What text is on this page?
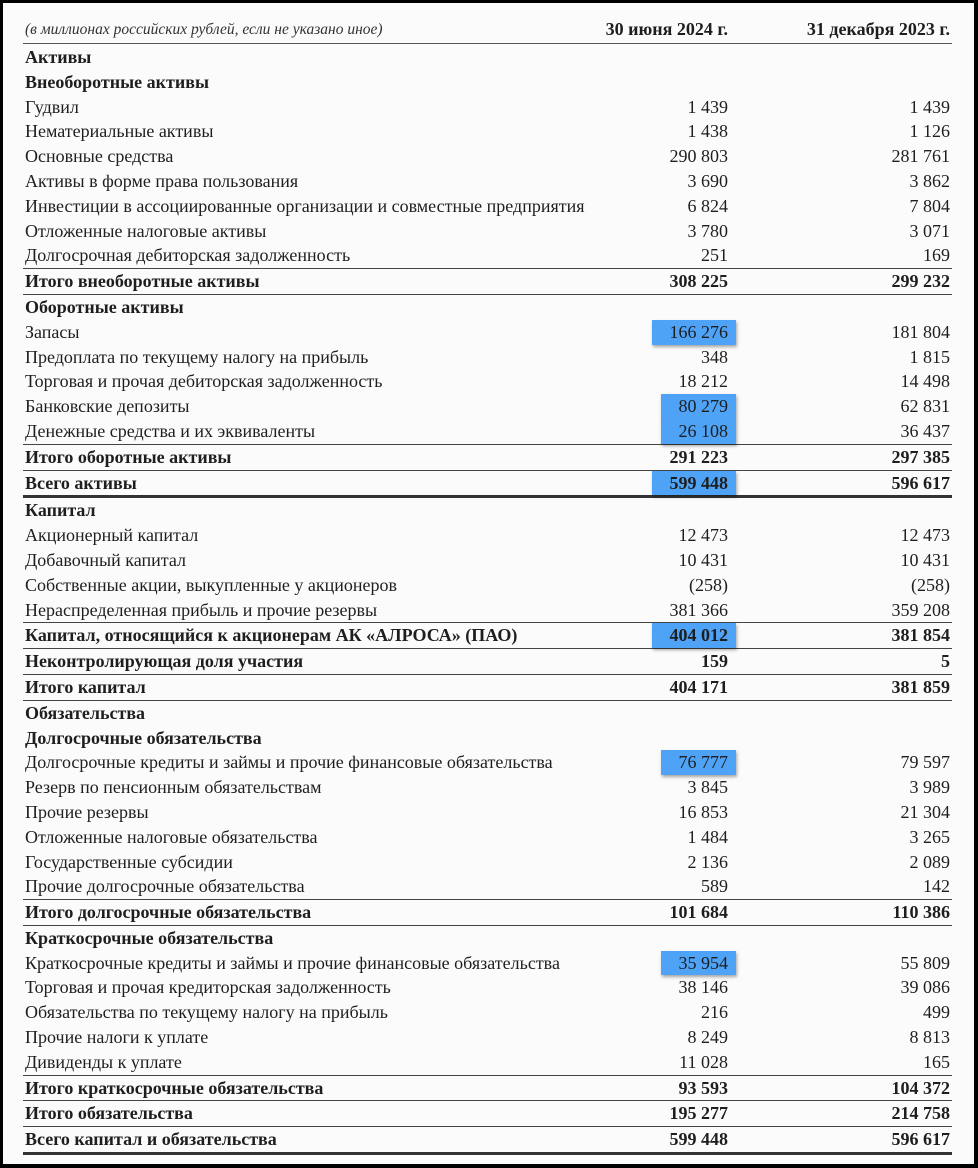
(в миллионах российских рублей, если не указано иное)	30 июня 2024 г.	31 декабря 2023 г.
Активы
Внеоборотные активы
Гудвил	1 439	1 439
Нематериальные активы	1 438	1 126
Основные средства	290 803	281 761
Активы в форме права пользования	3 690	3 862
Инвестиции в ассоциированные организации и совместные предприятия	6 824	7 804
Отложенные налоговые активы	3 780	3 071
Долгосрочная дебиторская задолженность	251	169
Итого внеоборотные активы	308 225	299 232
Оборотные активы
Запасы	166 276	181 804
Предоплата по текущему налогу на прибыль	348	1 815
Торговая и прочая дебиторская задолженность	18 212	14 498
Банковские депозиты	80 279	62 831
Денежные средства и их эквиваленты	26 108	36 437
Итого оборотные активы	291 223	297 385
Всего активы	599 448	596 617
Капитал
Акционерный капитал	12 473	12 473
Добавочный капитал	10 431	10 431
Собственные акции, выкупленные у акционеров	(258)	(258)
Нераспределенная прибыль и прочие резервы	381 366	359 208
Капитал, относящийся к акционерам АК «АЛРОСА» (ПАО)	404 012	381 854
Неконтролирующая доля участия	159	5
Итого капитал	404 171	381 859
Обязательства
Долгосрочные обязательства
Долгосрочные кредиты и займы и прочие финансовые обязательства	76 777	79 597
Резерв по пенсионным обязательствам	3 845	3 989
Прочие резервы	16 853	21 304
Отложенные налоговые обязательства	1 484	3 265
Государственные субсидии	2 136	2 089
Прочие долгосрочные обязательства	589	142
Итого долгосрочные обязательства	101 684	110 386
Краткосрочные обязательства
Краткосрочные кредиты и займы и прочие финансовые обязательства	35 954	55 809
Торговая и прочая кредиторская задолженность	38 146	39 086
Обязательства по текущему налогу на прибыль	216	499
Прочие налоги к уплате	8 249	8 813
Дивиденды к уплате	11 028	165
Итого краткосрочные обязательства	93 593	104 372
Итого обязательства	195 277	214 758
Всего капитал и обязательства	599 448	596 617
